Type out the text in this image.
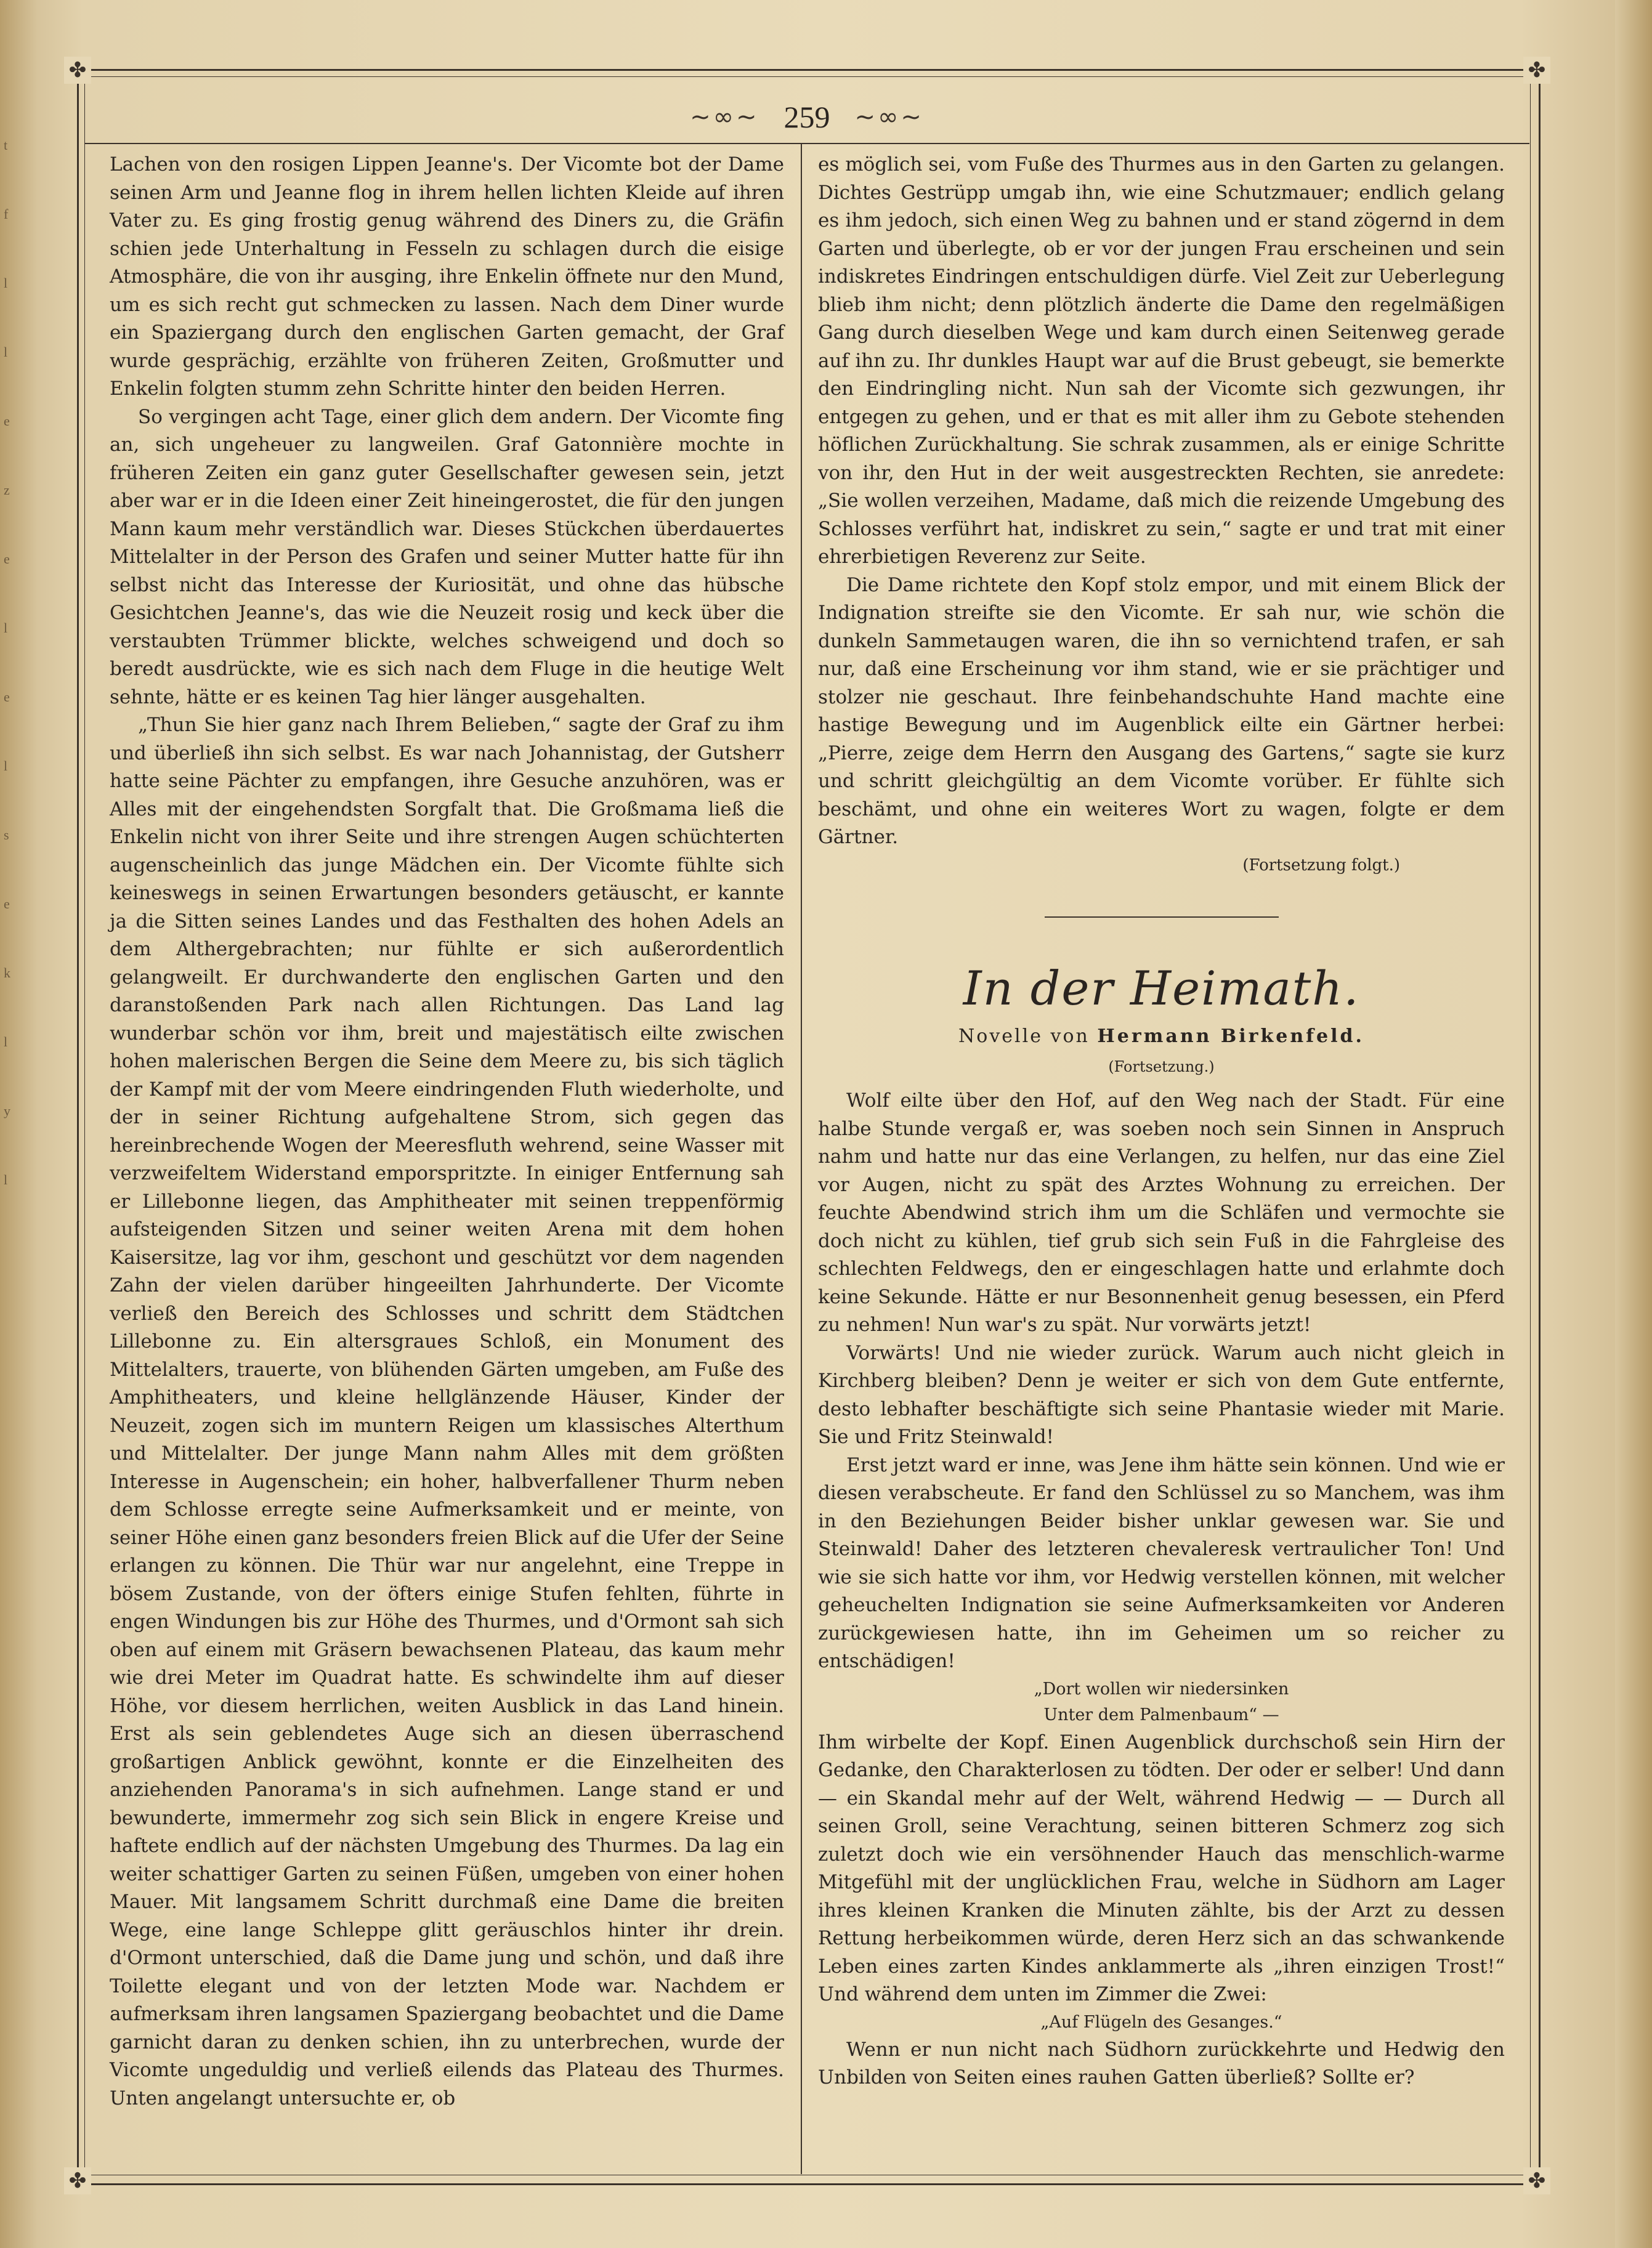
t
f
l
l
e
z
e
l
e
l
s
e
k
l
y
l
✤	✤
✤	✤
~∞~ 259 ~∞~

Lachen von den rosigen Lippen Jeanne's. Der Vicomte bot der Dame seinen Arm und Jeanne flog in ihrem hellen lichten Kleide auf ihren Vater zu. Es ging frostig genug während des Diners zu, die Gräfin schien jede Unterhaltung in Fesseln zu schlagen durch die eisige Atmosphäre, die von ihr ausging, ihre Enkelin öffnete nur den Mund, um es sich recht gut schmecken zu lassen. Nach dem Diner wurde ein Spaziergang durch den englischen Garten gemacht, der Graf wurde gesprächig, erzählte von früheren Zeiten, Großmutter und Enkelin folgten stumm zehn Schritte hinter den beiden Herren.

So vergingen acht Tage, einer glich dem andern. Der Vicomte fing an, sich ungeheuer zu langweilen. Graf Gatonnière mochte in früheren Zeiten ein ganz guter Gesellschafter gewesen sein, jetzt aber war er in die Ideen einer Zeit hineingerostet, die für den jungen Mann kaum mehr verständlich war. Dieses Stückchen überdauertes Mittelalter in der Person des Grafen und seiner Mutter hatte für ihn selbst nicht das Interesse der Kuriosität, und ohne das hübsche Gesichtchen Jeanne's, das wie die Neuzeit rosig und keck über die verstaubten Trümmer blickte, welches schweigend und doch so beredt ausdrückte, wie es sich nach dem Fluge in die heutige Welt sehnte, hätte er es keinen Tag hier länger ausgehalten.

„Thun Sie hier ganz nach Ihrem Belieben,“ sagte der Graf zu ihm und überließ ihn sich selbst. Es war nach Johannistag, der Gutsherr hatte seine Pächter zu empfangen, ihre Gesuche anzuhören, was er Alles mit der eingehendsten Sorgfalt that. Die Großmama ließ die Enkelin nicht von ihrer Seite und ihre strengen Augen schüchterten augenscheinlich das junge Mädchen ein. Der Vicomte fühlte sich keineswegs in seinen Erwartungen besonders getäuscht, er kannte ja die Sitten seines Landes und das Festhalten des hohen Adels an dem Althergebrachten; nur fühlte er sich außerordentlich gelangweilt. Er durchwanderte den englischen Garten und den daranstoßenden Park nach allen Richtungen. Das Land lag wunderbar schön vor ihm, breit und majestätisch eilte zwischen hohen malerischen Bergen die Seine dem Meere zu, bis sich täglich der Kampf mit der vom Meere eindringenden Fluth wiederholte, und der in seiner Richtung aufgehaltene Strom, sich gegen das hereinbrechende Wogen der Meeresfluth wehrend, seine Wasser mit verzweifeltem Widerstand emporspritzte. In einiger Entfernung sah er Lillebonne liegen, das Amphitheater mit seinen treppenförmig aufsteigenden Sitzen und seiner weiten Arena mit dem hohen Kaisersitze, lag vor ihm, geschont und geschützt vor dem nagenden Zahn der vielen darüber hingeeilten Jahrhunderte. Der Vicomte verließ den Bereich des Schlosses und schritt dem Städtchen Lillebonne zu. Ein altersgraues Schloß, ein Monument des Mittelalters, trauerte, von blühenden Gärten umgeben, am Fuße des Amphitheaters, und kleine hellglänzende Häuser, Kinder der Neuzeit, zogen sich im muntern Reigen um klassisches Alterthum und Mittelalter. Der junge Mann nahm Alles mit dem größten Interesse in Augenschein; ein hoher, halbverfallener Thurm neben dem Schlosse erregte seine Aufmerksamkeit und er meinte, von seiner Höhe einen ganz besonders freien Blick auf die Ufer der Seine erlangen zu können. Die Thür war nur angelehnt, eine Treppe in bösem Zustande, von der öfters einige Stufen fehlten, führte in engen Windungen bis zur Höhe des Thurmes, und d'Ormont sah sich oben auf einem mit Gräsern bewachsenen Plateau, das kaum mehr wie drei Meter im Quadrat hatte. Es schwindelte ihm auf dieser Höhe, vor diesem herrlichen, weiten Ausblick in das Land hinein. Erst als sein geblendetes Auge sich an diesen überraschend großartigen Anblick gewöhnt, konnte er die Einzelheiten des anziehenden Panorama's in sich aufnehmen. Lange stand er und bewunderte, immermehr zog sich sein Blick in engere Kreise und haftete endlich auf der nächsten Umgebung des Thurmes. Da lag ein weiter schattiger Garten zu seinen Füßen, umgeben von einer hohen Mauer. Mit langsamem Schritt durchmaß eine Dame die breiten Wege, eine lange Schleppe glitt geräuschlos hinter ihr drein. d'Ormont unterschied, daß die Dame jung und schön, und daß ihre Toilette elegant und von der letzten Mode war. Nachdem er aufmerksam ihren langsamen Spaziergang beobachtet und die Dame garnicht daran zu denken schien, ihn zu unterbrechen, wurde der Vicomte ungeduldig und verließ eilends das Plateau des Thurmes. Unten angelangt untersuchte er, ob

es möglich sei, vom Fuße des Thurmes aus in den Garten zu gelangen. Dichtes Gestrüpp umgab ihn, wie eine Schutzmauer; endlich gelang es ihm jedoch, sich einen Weg zu bahnen und er stand zögernd in dem Garten und überlegte, ob er vor der jungen Frau erscheinen und sein indiskretes Eindringen entschuldigen dürfe. Viel Zeit zur Ueberlegung blieb ihm nicht; denn plötzlich änderte die Dame den regelmäßigen Gang durch dieselben Wege und kam durch einen Seitenweg gerade auf ihn zu. Ihr dunkles Haupt war auf die Brust gebeugt, sie bemerkte den Eindringling nicht. Nun sah der Vicomte sich gezwungen, ihr entgegen zu gehen, und er that es mit aller ihm zu Gebote stehenden höflichen Zurückhaltung. Sie schrak zusammen, als er einige Schritte von ihr, den Hut in der weit ausgestreckten Rechten, sie anredete: „Sie wollen verzeihen, Madame, daß mich die reizende Umgebung des Schlosses verführt hat, indiskret zu sein,“ sagte er und trat mit einer ehrerbietigen Reverenz zur Seite.

Die Dame richtete den Kopf stolz empor, und mit einem Blick der Indignation streifte sie den Vicomte. Er sah nur, wie schön die dunkeln Sammetaugen waren, die ihn so vernichtend trafen, er sah nur, daß eine Erscheinung vor ihm stand, wie er sie prächtiger und stolzer nie geschaut. Ihre feinbehandschuhte Hand machte eine hastige Bewegung und im Augenblick eilte ein Gärtner herbei: „Pierre, zeige dem Herrn den Ausgang des Gartens,“ sagte sie kurz und schritt gleichgültig an dem Vicomte vorüber. Er fühlte sich beschämt, und ohne ein weiteres Wort zu wagen, folgte er dem Gärtner.

(Fortsetzung folgt.)

In der Heimath.
Novelle von Hermann Birkenfeld.
(Fortsetzung.)

Wolf eilte über den Hof, auf den Weg nach der Stadt. Für eine halbe Stunde vergaß er, was soeben noch sein Sinnen in Anspruch nahm und hatte nur das eine Verlangen, zu helfen, nur das eine Ziel vor Augen, nicht zu spät des Arztes Wohnung zu erreichen. Der feuchte Abendwind strich ihm um die Schläfen und vermochte sie doch nicht zu kühlen, tief grub sich sein Fuß in die Fahrgleise des schlechten Feldwegs, den er eingeschlagen hatte und erlahmte doch keine Sekunde. Hätte er nur Besonnenheit genug besessen, ein Pferd zu nehmen! Nun war's zu spät. Nur vorwärts jetzt!

Vorwärts! Und nie wieder zurück. Warum auch nicht gleich in Kirchberg bleiben? Denn je weiter er sich von dem Gute entfernte, desto lebhafter beschäftigte sich seine Phantasie wieder mit Marie. Sie und Fritz Steinwald!

Erst jetzt ward er inne, was Jene ihm hätte sein können. Und wie er diesen verabscheute. Er fand den Schlüssel zu so Manchem, was ihm in den Beziehungen Beider bisher unklar gewesen war. Sie und Steinwald! Daher des letzteren chevaleresk vertraulicher Ton! Und wie sie sich hatte vor ihm, vor Hedwig verstellen können, mit welcher geheuchelten Indignation sie seine Aufmerksamkeiten vor Anderen zurückgewiesen hatte, ihn im Geheimen um so reicher zu entschädigen!

„Dort wollen wir niedersinken
Unter dem Palmenbaum“ —

Ihm wirbelte der Kopf. Einen Augenblick durchschoß sein Hirn der Gedanke, den Charakterlosen zu tödten. Der oder er selber! Und dann — ein Skandal mehr auf der Welt, während Hedwig — — Durch all seinen Groll, seine Verachtung, seinen bitteren Schmerz zog sich zuletzt doch wie ein versöhnender Hauch das menschlich-warme Mitgefühl mit der unglücklichen Frau, welche in Südhorn am Lager ihres kleinen Kranken die Minuten zählte, bis der Arzt zu dessen Rettung herbeikommen würde, deren Herz sich an das schwankende Leben eines zarten Kindes anklammerte als „ihren einzigen Trost!“ Und während dem unten im Zimmer die Zwei:

„Auf Flügeln des Gesanges.“

Wenn er nun nicht nach Südhorn zurückkehrte und Hedwig den Unbilden von Seiten eines rauhen Gatten überließ? Sollte er?
